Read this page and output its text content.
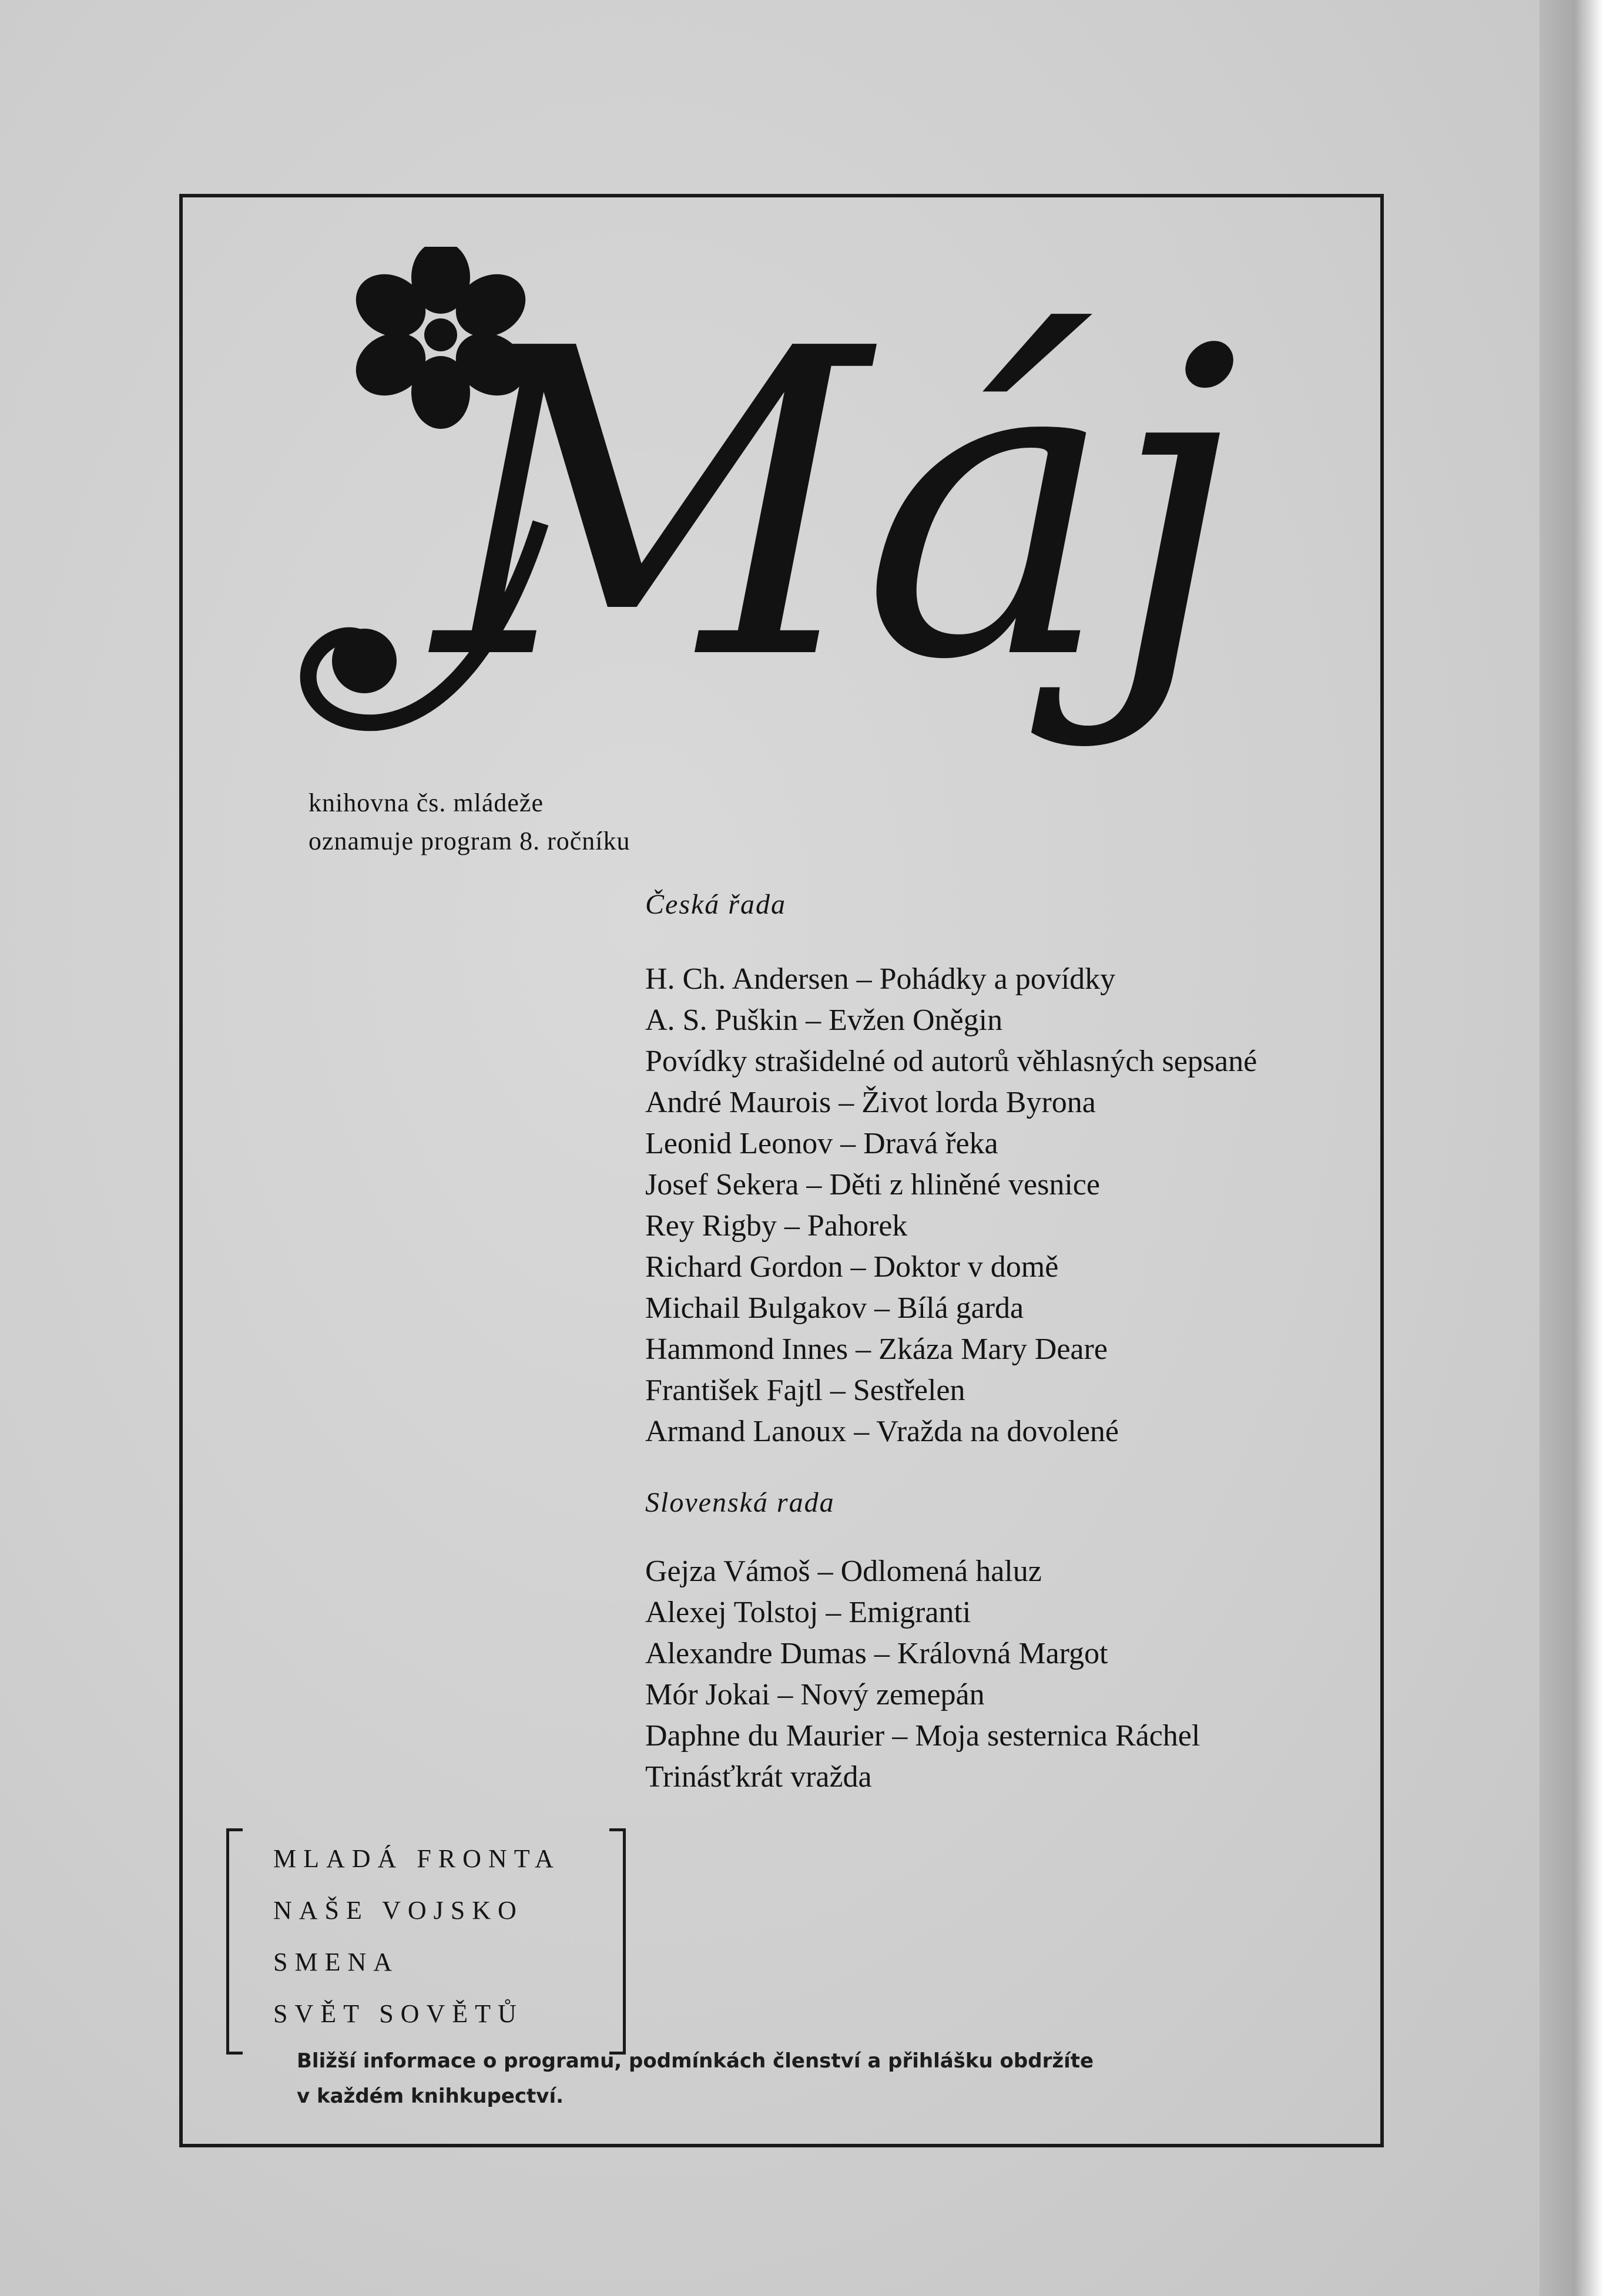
Máj
knihovna čs. mládeže
oznamuje program 8. ročníku
Česká řada
H. Ch. Andersen – Pohádky a povídky
A. S. Puškin – Evžen Oněgin
Povídky strašidelné od autorů věhlasných sepsané
André Maurois – Život lorda Byrona
Leonid Leonov – Dravá řeka
Josef Sekera – Děti z hliněné vesnice
Rey Rigby – Pahorek
Richard Gordon – Doktor v domě
Michail Bulgakov – Bílá garda
Hammond Innes – Zkáza Mary Deare
František Fajtl – Sestřelen
Armand Lanoux – Vražda na dovolené
Slovenská rada
Gejza Vámoš – Odlomená haluz
Alexej Tolstoj – Emigranti
Alexandre Dumas – Královná Margot
Mór Jokai – Nový zemepán
Daphne du Maurier – Moja sesternica Ráchel
Trinásťkrát vražda
MLADÁ FRONTA
NAŠE VOJSKO
SMENA
SVĚT SOVĚTŮ
Bližší informace o programu, podmínkách členství a přihlášku obdržíte
v každém knihkupectví.
